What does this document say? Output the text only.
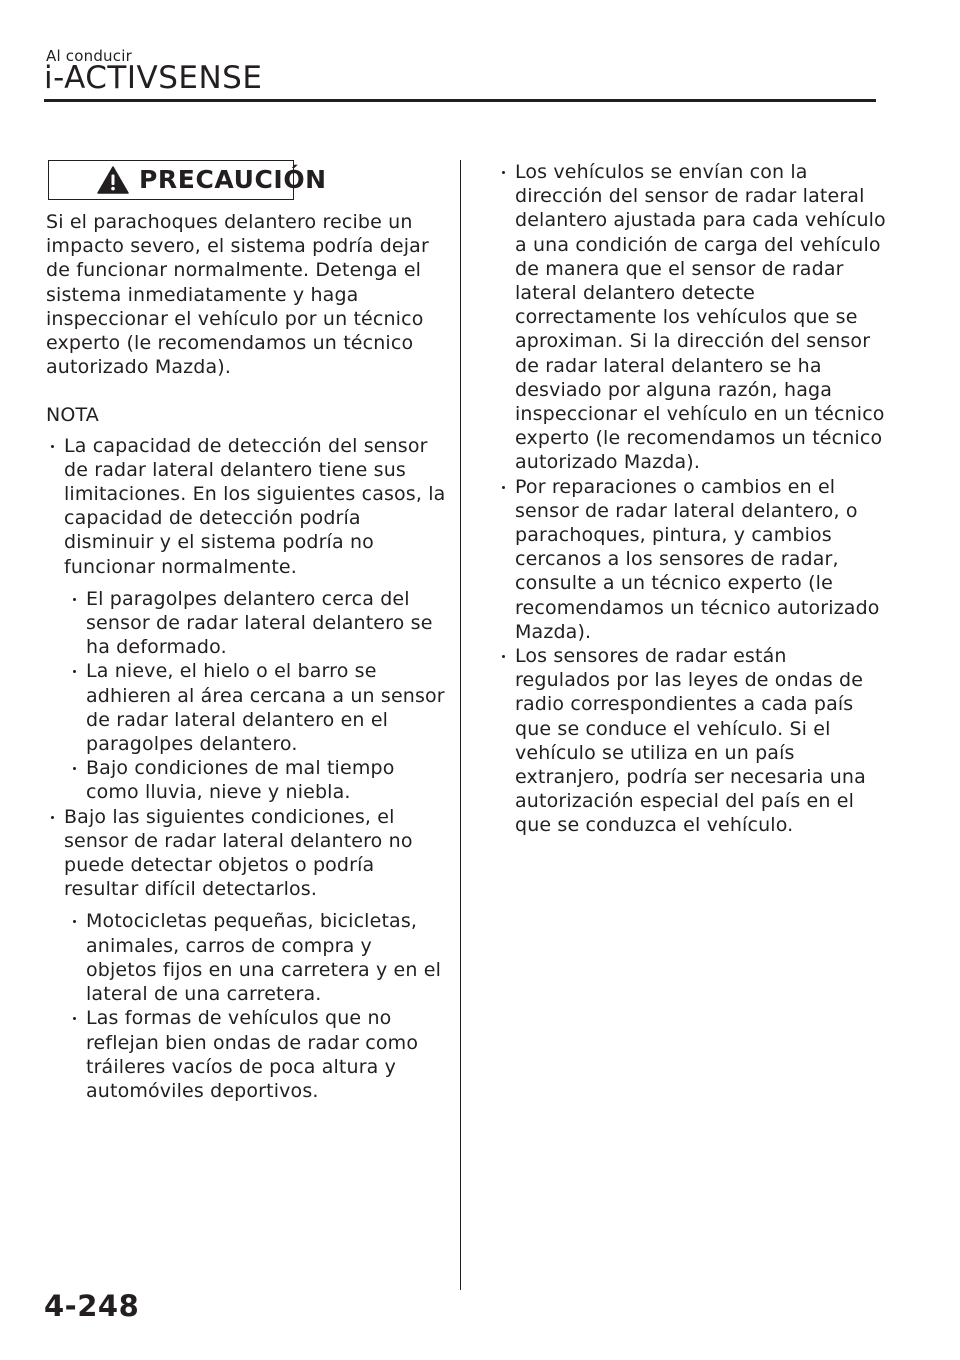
Al conducir
i-ACTIVSENSE
PRECAUCIÓN
Si el parachoques delantero recibe un impacto severo, el sistema podría dejar de funcionar normalmente. Detenga el sistema inmediatamente y haga inspeccionar el vehículo por un técnico experto (le recomendamos un técnico autorizado Mazda).
NOTA
La capacidad de detección del sensor de radar lateral delantero tiene sus limitaciones. En los siguientes casos, la capacidad de detección podría disminuir y el sistema podría no funcionar normalmente.
El paragolpes delantero cerca del sensor de radar lateral delantero se ha deformado.
La nieve, el hielo o el barro se adhieren al área cercana a un sensor de radar lateral delantero en el paragolpes delantero.
Bajo condiciones de mal tiempo como lluvia, nieve y niebla.
Bajo las siguientes condiciones, el sensor de radar lateral delantero no puede detectar objetos o podría resultar difícil detectarlos.
Motocicletas pequeñas, bicicletas, animales, carros de compra y objetos fijos en una carretera y en el lateral de una carretera.
Las formas de vehículos que no reflejan bien ondas de radar como tráileres vacíos de poca altura y automóviles deportivos.
Los vehículos se envían con la dirección del sensor de radar lateral delantero ajustada para cada vehículo a una condición de carga del vehículo de manera que el sensor de radar lateral delantero detecte correctamente los vehículos que se aproximan. Si la dirección del sensor de radar lateral delantero se ha desviado por alguna razón, haga inspeccionar el vehículo en un técnico experto (le recomendamos un técnico autorizado Mazda).
Por reparaciones o cambios en el sensor de radar lateral delantero, o parachoques, pintura, y cambios cercanos a los sensores de radar, consulte a un técnico experto (le recomendamos un técnico autorizado Mazda).
Los sensores de radar están regulados por las leyes de ondas de radio correspondientes a cada país que se conduce el vehículo. Si el vehículo se utiliza en un país extranjero, podría ser necesaria una autorización especial del país en el que se conduzca el vehículo.
4-248
